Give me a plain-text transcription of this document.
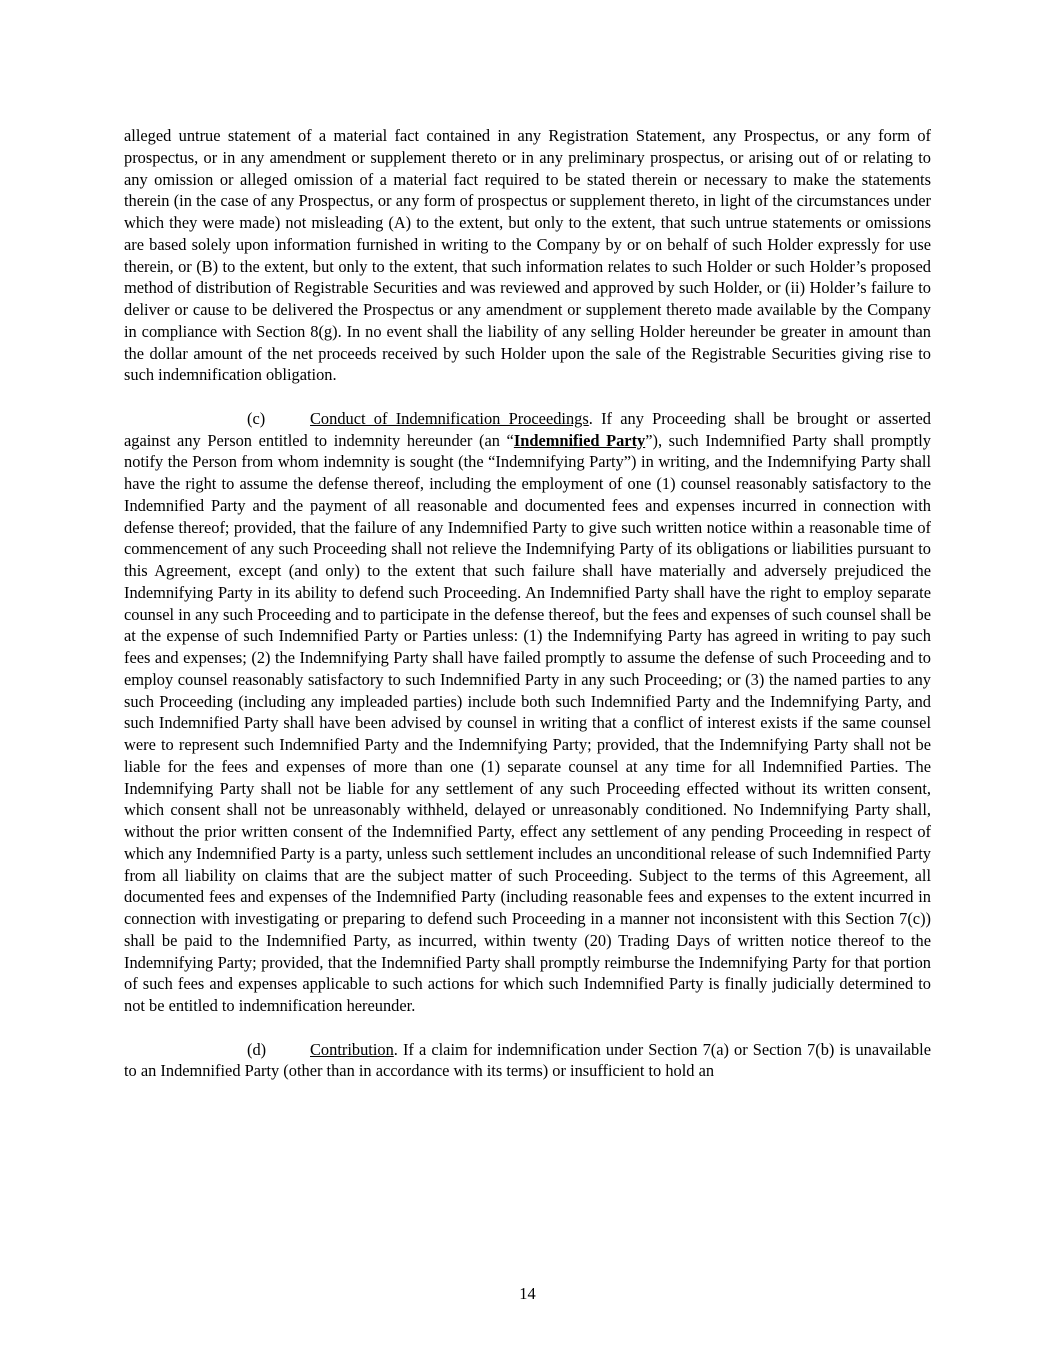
alleged untrue statement of a material fact contained in any Registration Statement, any Prospectus, or any form of prospectus, or in any amendment or supplement thereto or in any preliminary prospectus, or arising out of or relating to any omission or alleged omission of a material fact required to be stated therein or necessary to make the statements therein (in the case of any Prospectus, or any form of prospectus or supplement thereto, in light of the circumstances under which they were made) not misleading (A) to the extent, but only to the extent, that such untrue statements or omissions are based solely upon information furnished in writing to the Company by or on behalf of such Holder expressly for use therein, or (B) to the extent, but only to the extent, that such information relates to such Holder or such Holder’s proposed method of distribution of Registrable Securities and was reviewed and approved by such Holder, or (ii) Holder’s failure to deliver or cause to be delivered the Prospectus or any amendment or supplement thereto made available by the Company in compliance with Section 8(g). In no event shall the liability of any selling Holder hereunder be greater in amount than the dollar amount of the net proceeds received by such Holder upon the sale of the Registrable Securities giving rise to such indemnification obligation.

(c)	Conduct of Indemnification Proceedings. If any Proceeding shall be brought or asserted against any Person entitled to indemnity hereunder (an “Indemnified Party”), such Indemnified Party shall promptly notify the Person from whom indemnity is sought (the “Indemnifying Party”) in writing, and the Indemnifying Party shall have the right to assume the defense thereof, including the employment of one (1) counsel reasonably satisfactory to the Indemnified Party and the payment of all reasonable and documented fees and expenses incurred in connection with defense thereof; provided, that the failure of any Indemnified Party to give such written notice within a reasonable time of commencement of any such Proceeding shall not relieve the Indemnifying Party of its obligations or liabilities pursuant to this Agreement, except (and only) to the extent that such failure shall have materially and adversely prejudiced the Indemnifying Party in its ability to defend such Proceeding. An Indemnified Party shall have the right to employ separate counsel in any such Proceeding and to participate in the defense thereof, but the fees and expenses of such counsel shall be at the expense of such Indemnified Party or Parties unless: (1) the Indemnifying Party has agreed in writing to pay such fees and expenses; (2) the Indemnifying Party shall have failed promptly to assume the defense of such Proceeding and to employ counsel reasonably satisfactory to such Indemnified Party in any such Proceeding; or (3) the named parties to any such Proceeding (including any impleaded parties) include both such Indemnified Party and the Indemnifying Party, and such Indemnified Party shall have been advised by counsel in writing that a conflict of interest exists if the same counsel were to represent such Indemnified Party and the Indemnifying Party; provided, that the Indemnifying Party shall not be liable for the fees and expenses of more than one (1) separate counsel at any time for all Indemnified Parties. The Indemnifying Party shall not be liable for any settlement of any such Proceeding effected without its written consent, which consent shall not be unreasonably withheld, delayed or unreasonably conditioned. No Indemnifying Party shall, without the prior written consent of the Indemnified Party, effect any settlement of any pending Proceeding in respect of which any Indemnified Party is a party, unless such settlement includes an unconditional release of such Indemnified Party from all liability on claims that are the subject matter of such Proceeding. Subject to the terms of this Agreement, all documented fees and expenses of the Indemnified Party (including reasonable fees and expenses to the extent incurred in connection with investigating or preparing to defend such Proceeding in a manner not inconsistent with this Section 7(c)) shall be paid to the Indemnified Party, as incurred, within twenty (20) Trading Days of written notice thereof to the Indemnifying Party; provided, that the Indemnified Party shall promptly reimburse the Indemnifying Party for that portion of such fees and expenses applicable to such actions for which such Indemnified Party is finally judicially determined to not be entitled to indemnification hereunder.

(d)	Contribution. If a claim for indemnification under Section 7(a) or Section 7(b) is unavailable to an Indemnified Party (other than in accordance with its terms) or insufficient to hold an

14
